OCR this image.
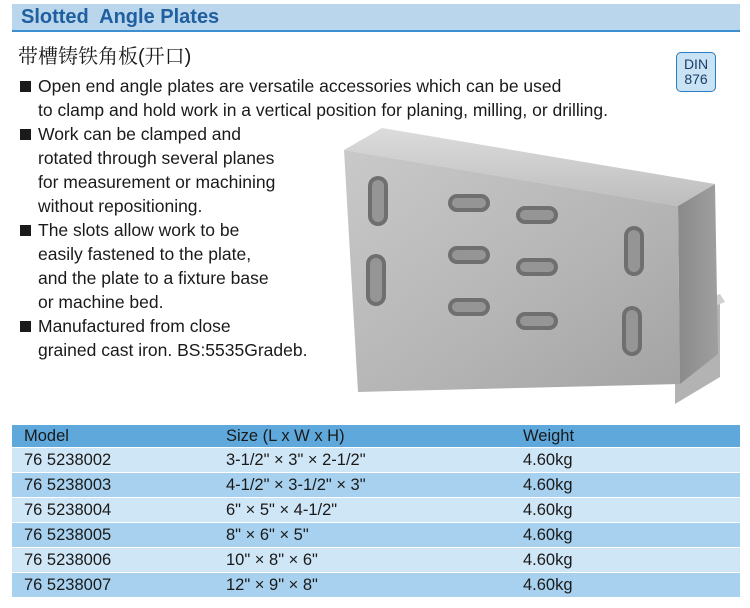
Slotted  Angle Plates
带槽铸铁角板(开口)	DIN
876
Open end angle plates are versatile accessories which can be used
to clamp and hold work in a vertical position for planing, milling, or drilling.
Work can be clamped and
rotated through several planes
for measurement or machining
without repositioning.
The slots allow work to be
easily fastened to the plate,
and the plate to a fixture base
or machine bed.
Manufactured from close
grained cast iron. BS:5535Gradeb.
Model	Size (L x W x H)	Weight
76 5238002	3-1/2" × 3" × 2-1/2"	4.60kg
76 5238003	4-1/2" × 3-1/2" × 3"	4.60kg
76 5238004	6" × 5" × 4-1/2"	4.60kg
76 5238005	8" × 6" × 5"	4.60kg
76 5238006	10" × 8" × 6"	4.60kg
76 5238007	12" × 9" × 8"	4.60kg
